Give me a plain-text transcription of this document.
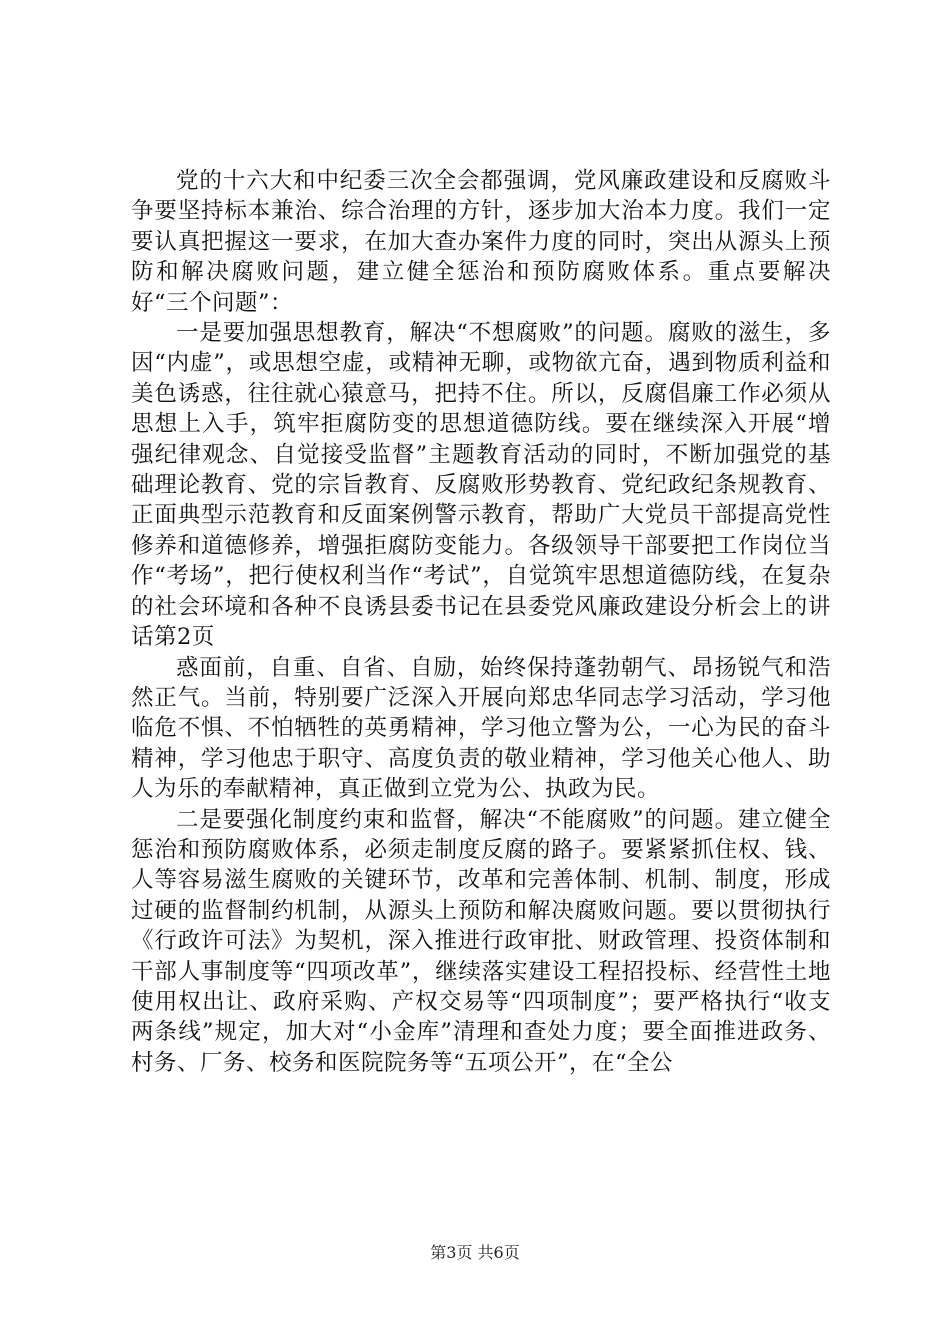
党的十六大和中纪委三次全会都强调，党风廉政建设和反腐败斗争要坚持标本兼治、综合治理的方针，逐步加大治本力度。我们一定要认真把握这一要求，在加大查办案件力度的同时，突出从源头上预防和解决腐败问题，建立健全惩治和预防腐败体系。重点要解决好“三个问题”：

一是要加强思想教育，解决“不想腐败”的问题。腐败的滋生，多因“内虚”，或思想空虚，或精神无聊，或物欲亢奋，遇到物质利益和美色诱惑，往往就心猿意马，把持不住。所以，反腐倡廉工作必须从思想上入手，筑牢拒腐防变的思想道德防线。要在继续深入开展“增强纪律观念、自觉接受监督”主题教育活动的同时，不断加强党的基础理论教育、党的宗旨教育、反腐败形势教育、党纪政纪条规教育、正面典型示范教育和反面案例警示教育，帮助广大党员干部提高党性修养和道德修养，增强拒腐防变能力。各级领导干部要把工作岗位当作“考场”，把行使权利当作“考试”，自觉筑牢思想道德防线，在复杂的社会环境和各种不良诱县委书记在县委党风廉政建设分析会上的讲话第2页

惑面前，自重、自省、自励，始终保持蓬勃朝气、昂扬锐气和浩然正气。当前，特别要广泛深入开展向郑忠华同志学习活动，学习他临危不惧、不怕牺牲的英勇精神，学习他立警为公，一心为民的奋斗精神，学习他忠于职守、高度负责的敬业精神，学习他关心他人、助人为乐的奉献精神，真正做到立党为公、执政为民。

二是要强化制度约束和监督，解决“不能腐败”的问题。建立健全惩治和预防腐败体系，必须走制度反腐的路子。要紧紧抓住权、钱、人等容易滋生腐败的关键环节，改革和完善体制、机制、制度，形成过硬的监督制约机制，从源头上预防和解决腐败问题。要以贯彻执行《行政许可法》为契机，深入推进行政审批、财政管理、投资体制和干部人事制度等“四项改革”，继续落实建设工程招投标、经营性土地使用权出让、政府采购、产权交易等“四项制度”；要严格执行“收支两条线”规定，加大对“小金库”清理和查处力度；要全面推进政务、村务、厂务、校务和医院院务等“五项公开”，在“全公

第3页 共6页
